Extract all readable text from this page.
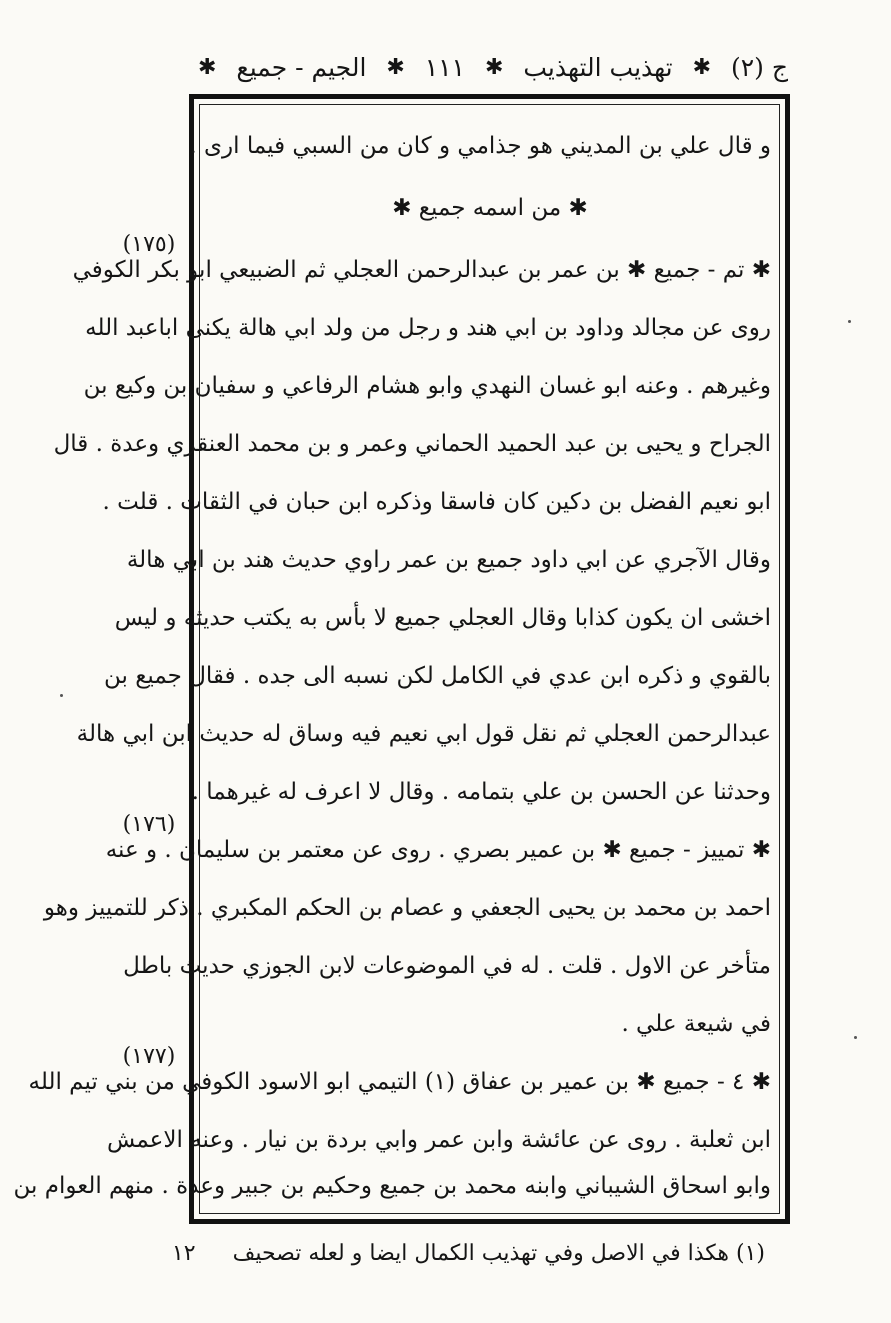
ج (٢)
✱
تهذيب التهذيب
✱
١١١
✱
الجيم - جميع
✱
و قال علي بن المديني هو جذامي و كان من السبي فيما ارى .
✱ من اسمه جميع ✱
✱ تم - جميع ✱ بن عمر بن عبدالرحمن العجلي ثم الضبيعي ابو بكر الكوفي
روى عن مجالد وداود بن ابي هند و رجل من ولد ابي هالة يكنى اباعبد الله
وغيرهم . وعنه ابو غسان النهدي وابو هشام الرفاعي و سفيان بن وكيع بن
الجراح و يحيى بن عبد الحميد الحماني وعمر و بن محمد العنقري وعدة . قال
ابو نعيم الفضل بن دكين كان فاسقا وذكره ابن حبان في الثقات . قلت .
وقال الآجري عن ابي داود جميع بن عمر راوي حديث هند بن ابي هالة
اخشى ان يكون كذابا وقال العجلي جميع لا بأس به يكتب حديثه و ليس
بالقوي و ذكره ابن عدي في الكامل لكن نسبه الى جده . فقال جميع بن
عبدالرحمن العجلي ثم نقل قول ابي نعيم فيه وساق له حديث ابن ابي هالة
وحدثنا عن الحسن بن علي بتمامه . وقال لا اعرف له غيرهما .
✱ تمييز - جميع ✱ بن عمير بصري . روى عن معتمر بن سليمان . و عنه
احمد بن محمد بن يحيى الجعفي و عصام بن الحكم المكبري . ذكر للتمييز وهو
متأخر عن الاول . قلت . له في الموضوعات لابن الجوزي حديث باطل
في شيعة علي .
✱ ٤ - جميع ✱ بن عمير بن عفاق (١) التيمي ابو الاسود الكوفي من بني تيم الله
ابن ثعلبة . روى عن عائشة وابن عمر وابي بردة بن نيار . وعنه الاعمش
وابو اسحاق الشيباني وابنه محمد بن جميع وحكيم بن جبير وعدة . منهم العوام بن
(١٧٥)
(١٧٦)
(١٧٧)
(١) هكذا في الاصل وفي تهذيب الكمال ايضا و لعله تصحيف ١٢
